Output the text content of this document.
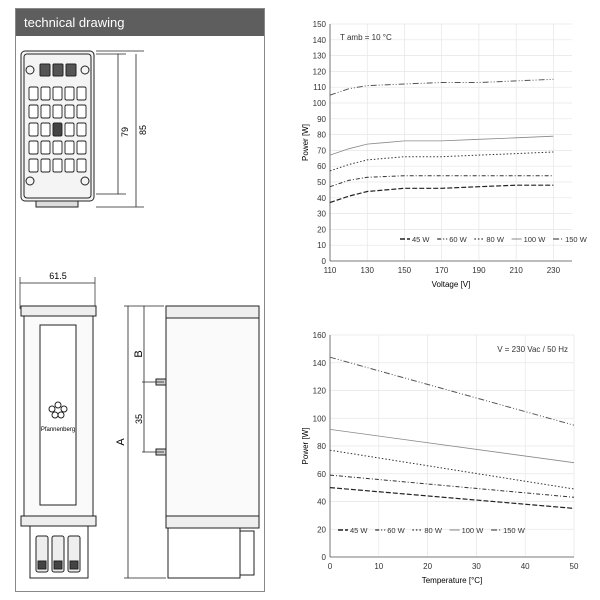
technical drawing
79 85
61.5
B
35
A
Pfannenberg
0
10
20
30
40
50
60
70
80
90
100
110
120
130
140
150
110	130	150	170	190	210	230
Voltage [V]
Power [W]
T amb = 10 °C
45 W	60 W	80 W	100 W	150 W
0
20
40
60
80
100
120
140
160
0	10	20	30	40	50
Temperature [°C]
Power [W]
V = 230 Vac / 50 Hz
45 W	60 W	80 W	100 W	150 W
